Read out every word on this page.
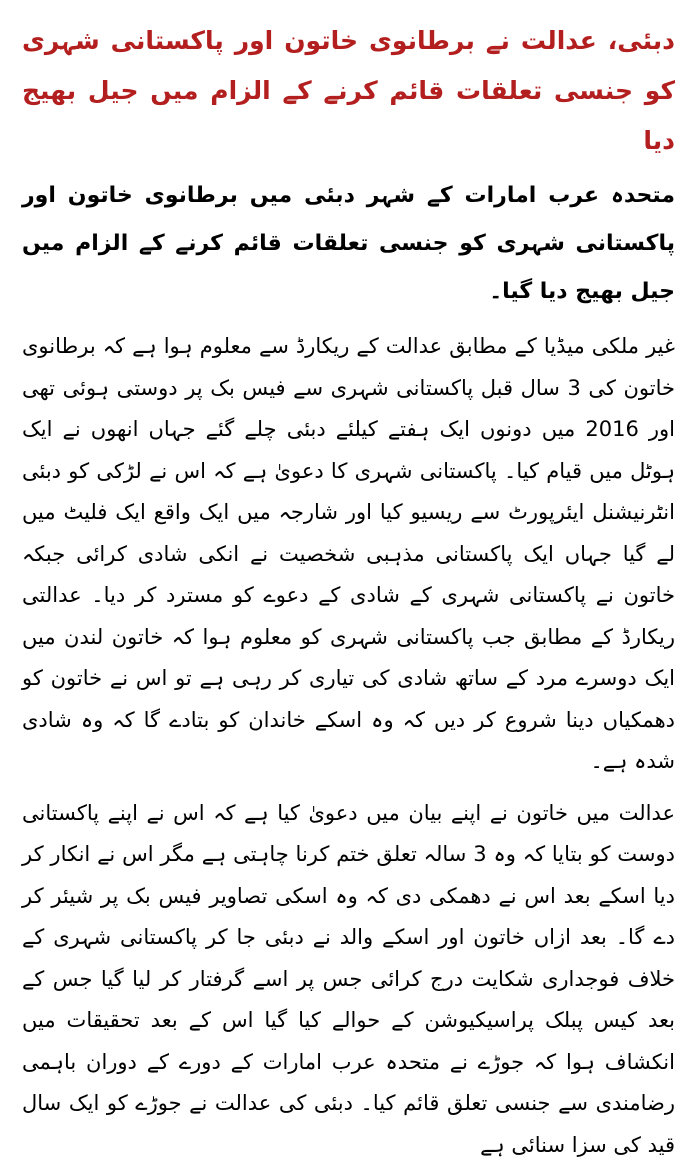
دبئی، عدالت نے برطانوی خاتون اور پاکستانی شہری کو جنسی تعلقات قائم کرنے کے الزام میں جیل بھیج دیا

متحدہ عرب امارات کے شہر دبئی میں برطانوی خاتون اور پاکستانی شہری کو جنسی تعلقات قائم کرنے کے الزام میں جیل بھیج دیا گیا۔

غیر ملکی میڈیا کے مطابق عدالت کے ریکارڈ سے معلوم ہوا ہے کہ برطانوی خاتون کی 3 سال قبل پاکستانی شہری سے فیس بک پر دوستی ہوئی تھی اور 2016 میں دونوں ایک ہفتے کیلئے دبئی چلے گئے جہاں انھوں نے ایک ہوٹل میں قیام کیا۔ پاکستانی شہری کا دعویٰ ہے کہ اس نے لڑکی کو دبئی انٹرنیشنل ایئرپورٹ سے ریسیو کیا اور شارجہ میں ایک واقع ایک فلیٹ میں لے گیا جہاں ایک پاکستانی مذہبی شخصیت نے انکی شادی کرائی جبکہ خاتون نے پاکستانی شہری کے شادی کے دعوے کو مسترد کر دیا۔ عدالتی ریکارڈ کے مطابق جب پاکستانی شہری کو معلوم ہوا کہ خاتون لندن میں ایک دوسرے مرد کے ساتھ شادی کی تیاری کر رہی ہے تو اس نے خاتون کو دھمکیاں دینا شروع کر دیں کہ وہ اسکے خاندان کو بتادے گا کہ وہ شادی شدہ ہے۔

عدالت میں خاتون نے اپنے بیان میں دعویٰ کیا ہے کہ اس نے اپنے پاکستانی دوست کو بتایا کہ وہ 3 سالہ تعلق ختم کرنا چاہتی ہے مگر اس نے انکار کر دیا اسکے بعد اس نے دھمکی دی کہ وہ اسکی تصاویر فیس بک پر شیئر کر دے گا۔ بعد ازاں خاتون اور اسکے والد نے دبئی جا کر پاکستانی شہری کے خلاف فوجداری شکایت درج کرائی جس پر اسے گرفتار کر لیا گیا جس کے بعد کیس پبلک پراسیکیوشن کے حوالے کیا گیا اس کے بعد تحقیقات میں انکشاف ہوا کہ جوڑے نے متحدہ عرب امارات کے دورے کے دوران باہمی رضامندی سے جنسی تعلق قائم کیا۔ دبئی کی عدالت نے جوڑے کو ایک سال قید کی سزا سنائی ہے
